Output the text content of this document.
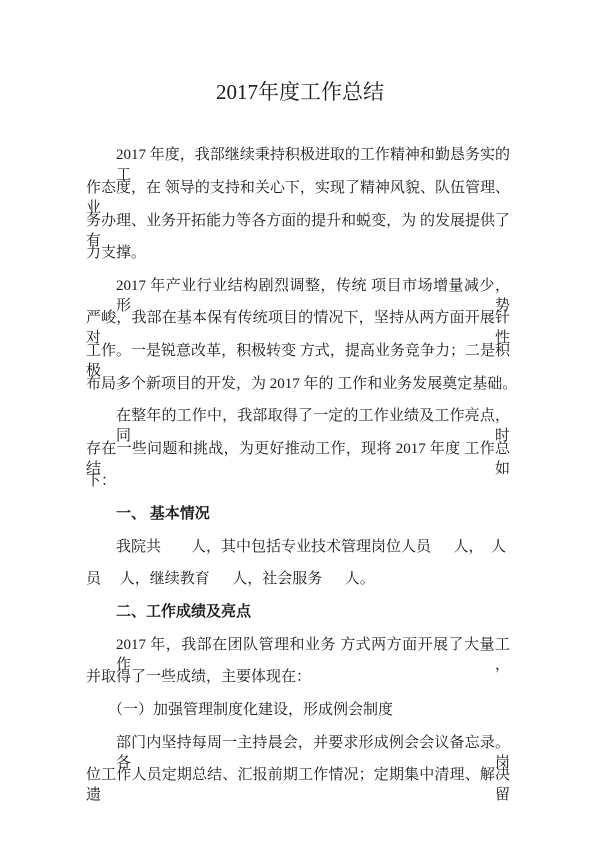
2017年度工作总结
2017 年度，我部继续秉持积极进取的工作精神和勤恳务实的工
作态度，在 领导的支持和关心下，实现了精神风貌、队伍管理、业
务办理、业务开拓能力等各方面的提升和蜕变，为 的发展提供了有
力支撑。
2017 年产业行业结构剧烈调整，传统 项目市场增量减少，形势
严峻，我部在基本保有传统项目的情况下，坚持从两方面开展针对性
工作。一是锐意改革，积极转变 方式，提高业务竞争力；二是积极
布局多个新项目的开发，为 2017 年的 工作和业务发展奠定基础。
在整年的工作中，我部取得了一定的工作业绩及工作亮点，同时
存在一些问题和挑战，为更好推动工作，现将 2017 年度 工作总结如
下：
一、 基本情况
我院共        人，其中包括专业技术管理岗位人员      人，  人
员     人，继续教育      人，社会服务      人。
二、工作成绩及亮点
2017 年，我部在团队管理和业务 方式两方面开展了大量工作，
并取得了一些成绩，主要体现在：
（一）加强管理制度化建设，形成例会制度
部门内坚持每周一主持晨会，并要求形成例会会议备忘录。各岗
位工作人员定期总结、汇报前期工作情况；定期集中清理、解决遗留
